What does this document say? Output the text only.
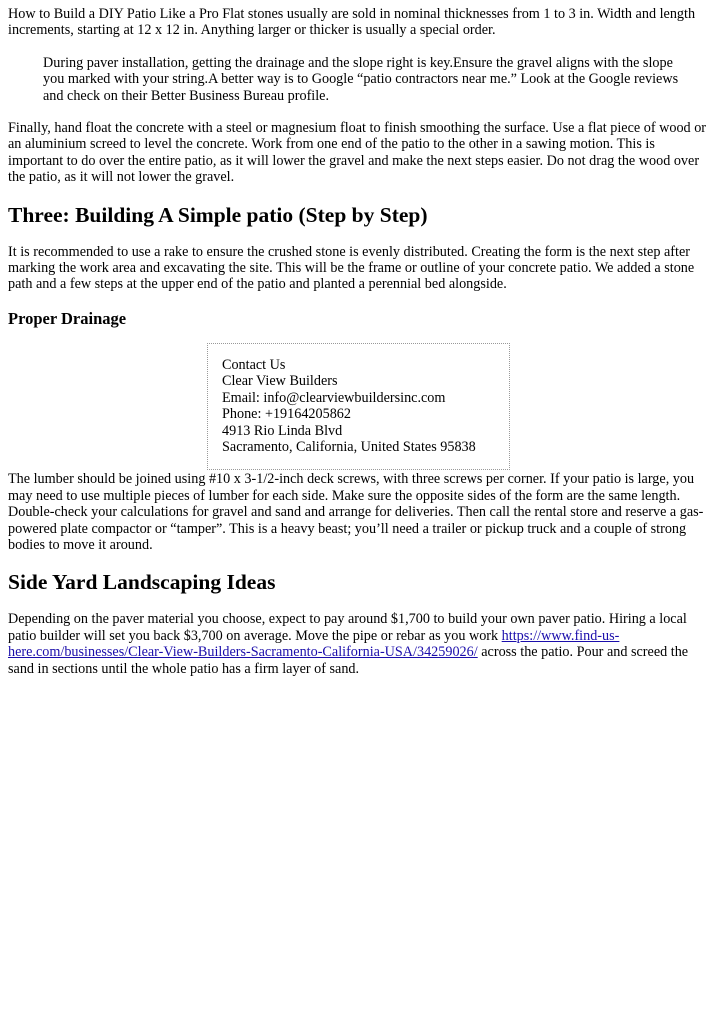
How to Build a DIY Patio Like a Pro Flat stones usually are sold in nominal thicknesses from 1 to 3 in. Width and length increments, starting at 12 x 12 in. Anything larger or thicker is usually a special order.

During paver installation, getting the drainage and the slope right is key.Ensure the gravel aligns with the slope you marked with your string.A better way is to Google “patio contractors near me.” Look at the Google reviews and check on their Better Business Bureau profile.

Finally, hand float the concrete with a steel or magnesium float to finish smoothing the surface. Use a flat piece of wood or an aluminium screed to level the concrete. Work from one end of the patio to the other in a sawing motion. This is important to do over the entire patio, as it will lower the gravel and make the next steps easier. Do not drag the wood over the patio, as it will not lower the gravel.

Three: Building A Simple patio (Step by Step)

It is recommended to use a rake to ensure the crushed stone is evenly distributed. Creating the form is the next step after marking the work area and excavating the site. This will be the frame or outline of your concrete patio. We added a stone path and a few steps at the upper end of the patio and planted a perennial bed alongside.

Proper Drainage
Contact Us
Clear View Builders
Email: info@clearviewbuildersinc.com
Phone: +19164205862
4913 Rio Linda Blvd
Sacramento, California, United States 95838

The lumber should be joined using #10 x 3-1/2-inch deck screws, with three screws per corner. If your patio is large, you may need to use multiple pieces of lumber for each side. Make sure the opposite sides of the form are the same length. Double-check your calculations for gravel and sand and arrange for deliveries. Then call the rental store and reserve a gas-powered plate compactor or “tamper”. This is a heavy beast; you’ll need a trailer or pickup truck and a couple of strong bodies to move it around.

Side Yard Landscaping Ideas

Depending on the paver material you choose, expect to pay around $1,700 to build your own paver patio. Hiring a local patio builder will set you back $3,700 on average. Move the pipe or rebar as you work https://www.find-us-here.com/businesses/Clear-View-Builders-Sacramento-California-USA/34259026/ across the patio. Pour and screed the sand in sections until the whole patio has a firm layer of sand.
